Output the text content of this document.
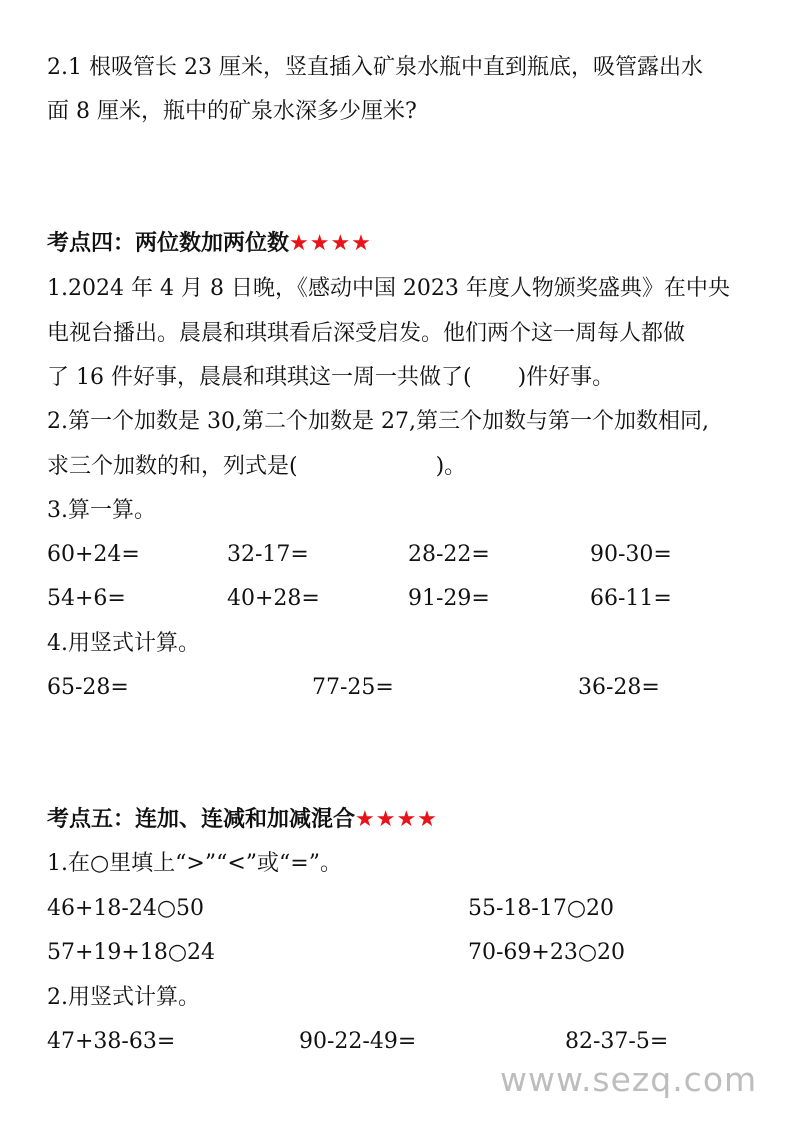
2.1 根吸管长 23 厘米，竖直插入矿泉水瓶中直到瓶底，吸管露出水
面 8 厘米，瓶中的矿泉水深多少厘米?
考点四：两位数加两位数★★★★
1.2024 年 4 月 8 日晚，《感动中国 2023 年度人物颁奖盛典》在中央
电视台播出。晨晨和琪琪看后深受启发。他们两个这一周每人都做
了 16 件好事，晨晨和琪琪这一周一共做了( )件好事。
2.第一个加数是 30,第二个加数是 27,第三个加数与第一个加数相同,
求三个加数的和，列式是(	)。
3.算一算。
60+24=	32-17=	28-22=	90-30=
54+6=	40+28=	91-29=	66-11=
4.用竖式计算。
65-28=	77-25=	36-28=
考点五：连加、连减和加减混合★★★★
1.在○里填上“>”“<”或“=”。
46+18-24○50	55-18-17○20
57+19+18○24	70-69+23○20
2.用竖式计算。
47+38-63=	90-22-49=	82-37-5=
www.sezq.com
